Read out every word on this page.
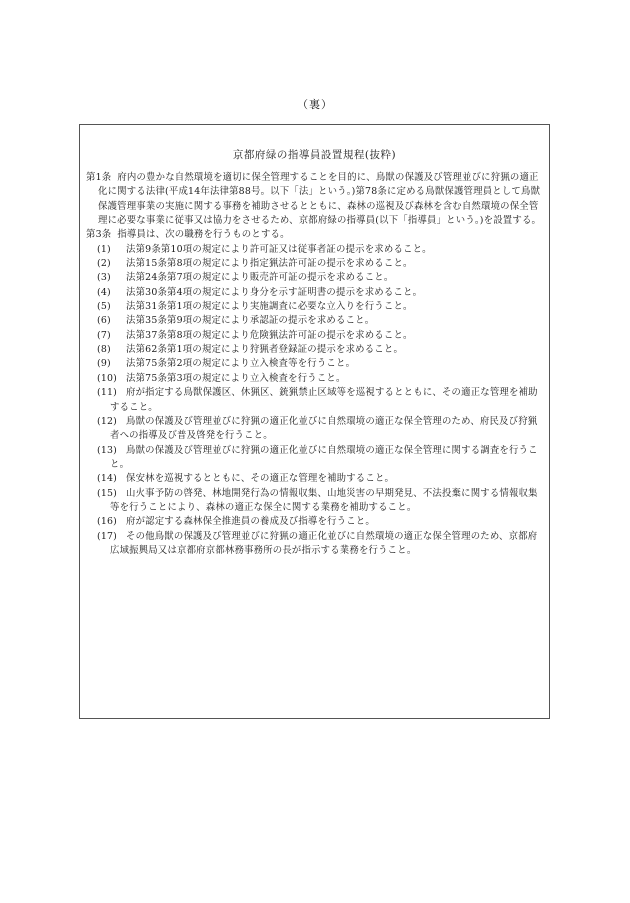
（裏）
京都府緑の指導員設置規程(抜粋)

第1条 府内の豊かな自然環境を適切に保全管理することを目的に、鳥獣の保護及び管理並びに狩猟の適正化に関する法律(平成14年法律第88号。以下「法」という。)第78条に定める鳥獣保護管理員として鳥獣保護管理事業の実施に関する事務を補助させるとともに、森林の巡視及び森林を含む自然環境の保全管理に必要な事業に従事又は協力をさせるため、京都府緑の指導員(以下「指導員」という。)を設置する。

第3条 指導員は、次の職務を行うものとする。

(1) 法第9条第10項の規定により許可証又は従事者証の提示を求めること。

(2) 法第15条第8項の規定により指定猟法許可証の提示を求めること。

(3) 法第24条第7項の規定により販売許可証の提示を求めること。

(4) 法第30条第4項の規定により身分を示す証明書の提示を求めること。

(5) 法第31条第1項の規定により実施調査に必要な立入りを行うこと。

(6) 法第35条第9項の規定により承認証の提示を求めること。

(7) 法第37条第8項の規定により危険猟法許可証の提示を求めること。

(8) 法第62条第1項の規定により狩猟者登録証の提示を求めること。

(9) 法第75条第2項の規定により立入検査等を行うこと。

(10) 法第75条第3項の規定により立入検査を行うこと。

(11) 府が指定する鳥獣保護区、休猟区、銃猟禁止区域等を巡視するとともに、その適正な管理を補助すること。

(12) 鳥獣の保護及び管理並びに狩猟の適正化並びに自然環境の適正な保全管理のため、府民及び狩猟者への指導及び普及啓発を行うこと。

(13) 鳥獣の保護及び管理並びに狩猟の適正化並びに自然環境の適正な保全管理に関する調査を行うこと。

(14) 保安林を巡視するとともに、その適正な管理を補助すること。

(15) 山火事予防の啓発、林地開発行為の情報収集、山地災害の早期発見、不法投棄に関する情報収集等を行うことにより、森林の適正な保全に関する業務を補助すること。

(16) 府が認定する森林保全推進員の養成及び指導を行うこと。

(17) その他鳥獣の保護及び管理並びに狩猟の適正化並びに自然環境の適正な保全管理のため、京都府広域振興局又は京都府京都林務事務所の長が指示する業務を行うこと。
